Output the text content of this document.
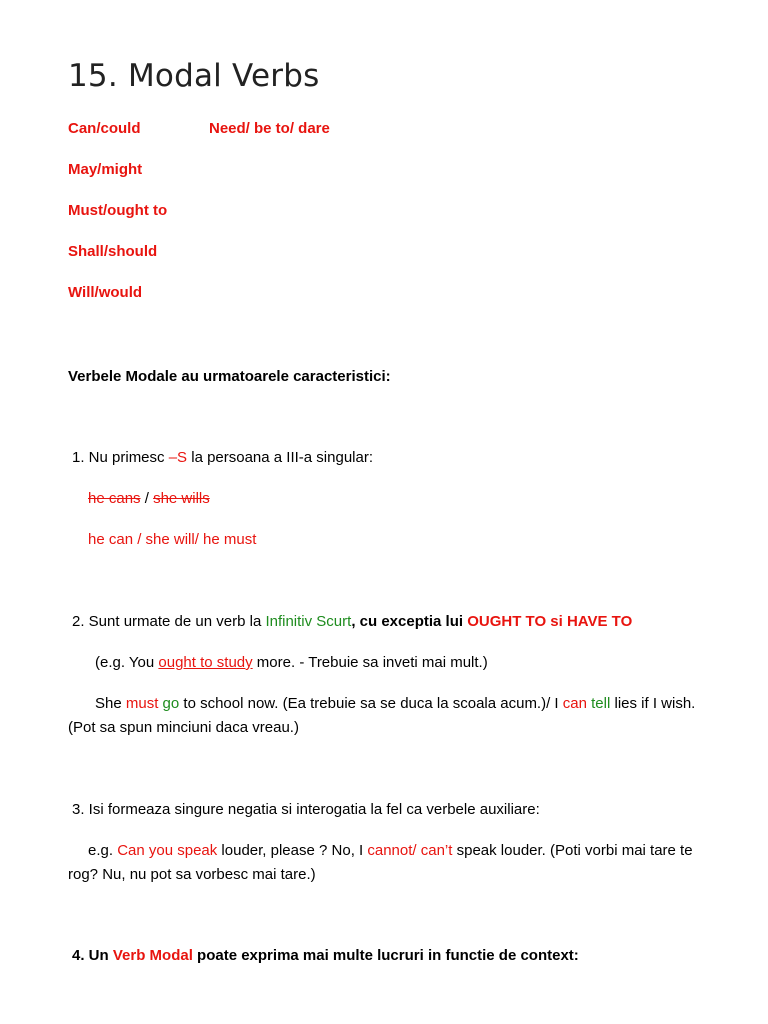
15. Modal Verbs
Can/could	Need/ be to/ dare
May/might
Must/ought to
Shall/should
Will/would
Verbele Modale au urmatoarele caracteristici:
1. Nu primesc –S la persoana a III-a singular:
he cans / she wills
he can / she will/ he must
2. Sunt urmate de un verb la Infinitiv Scurt, cu exceptia lui OUGHT TO si HAVE TO
(e.g. You ought to study more. - Trebuie sa inveti mai mult.)
She must go to school now. (Ea trebuie sa se duca la scoala acum.)/ I can tell lies if I wish.
(Pot sa spun minciuni daca vreau.)
3. Isi formeaza singure negatia si interogatia la fel ca verbele auxiliare:
e.g. Can you speak louder, please ? No, I cannot/ can’t speak louder. (Poti vorbi mai tare te
rog? Nu, nu pot sa vorbesc mai tare.)
4. Un Verb Modal poate exprima mai multe lucruri in functie de context:
